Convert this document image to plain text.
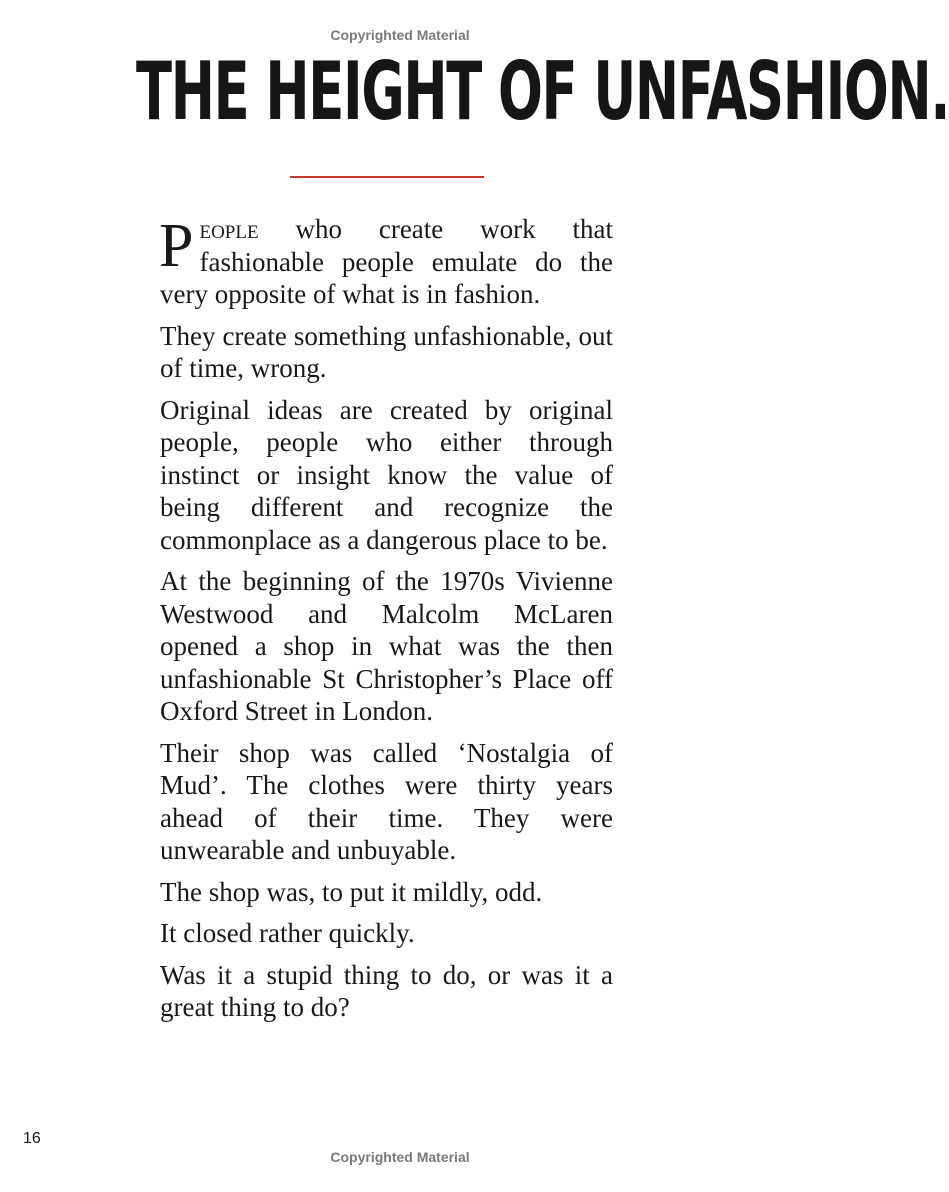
Copyrighted Material
THE HEIGHT OF UNFASHION.

People who create work that fashionable people emulate do the very opposite of what is in fashion.

They create something unfashionable, out of time, wrong.

Original ideas are created by original people, people who either through instinct or insight know the value of being different and recognize the commonplace as a dangerous place to be.

At the beginning of the 1970s Vivienne Westwood and Malcolm McLaren opened a shop in what was the then unfashionable St Christopher’s Place off Oxford Street in London.

Their shop was called ‘Nostalgia of Mud’. The clothes were thirty years ahead of their time. They were unwearable and unbuyable.

The shop was, to put it mildly, odd.

It closed rather quickly.

Was it a stupid thing to do, or was it a great thing to do?

16
Copyrighted Material
